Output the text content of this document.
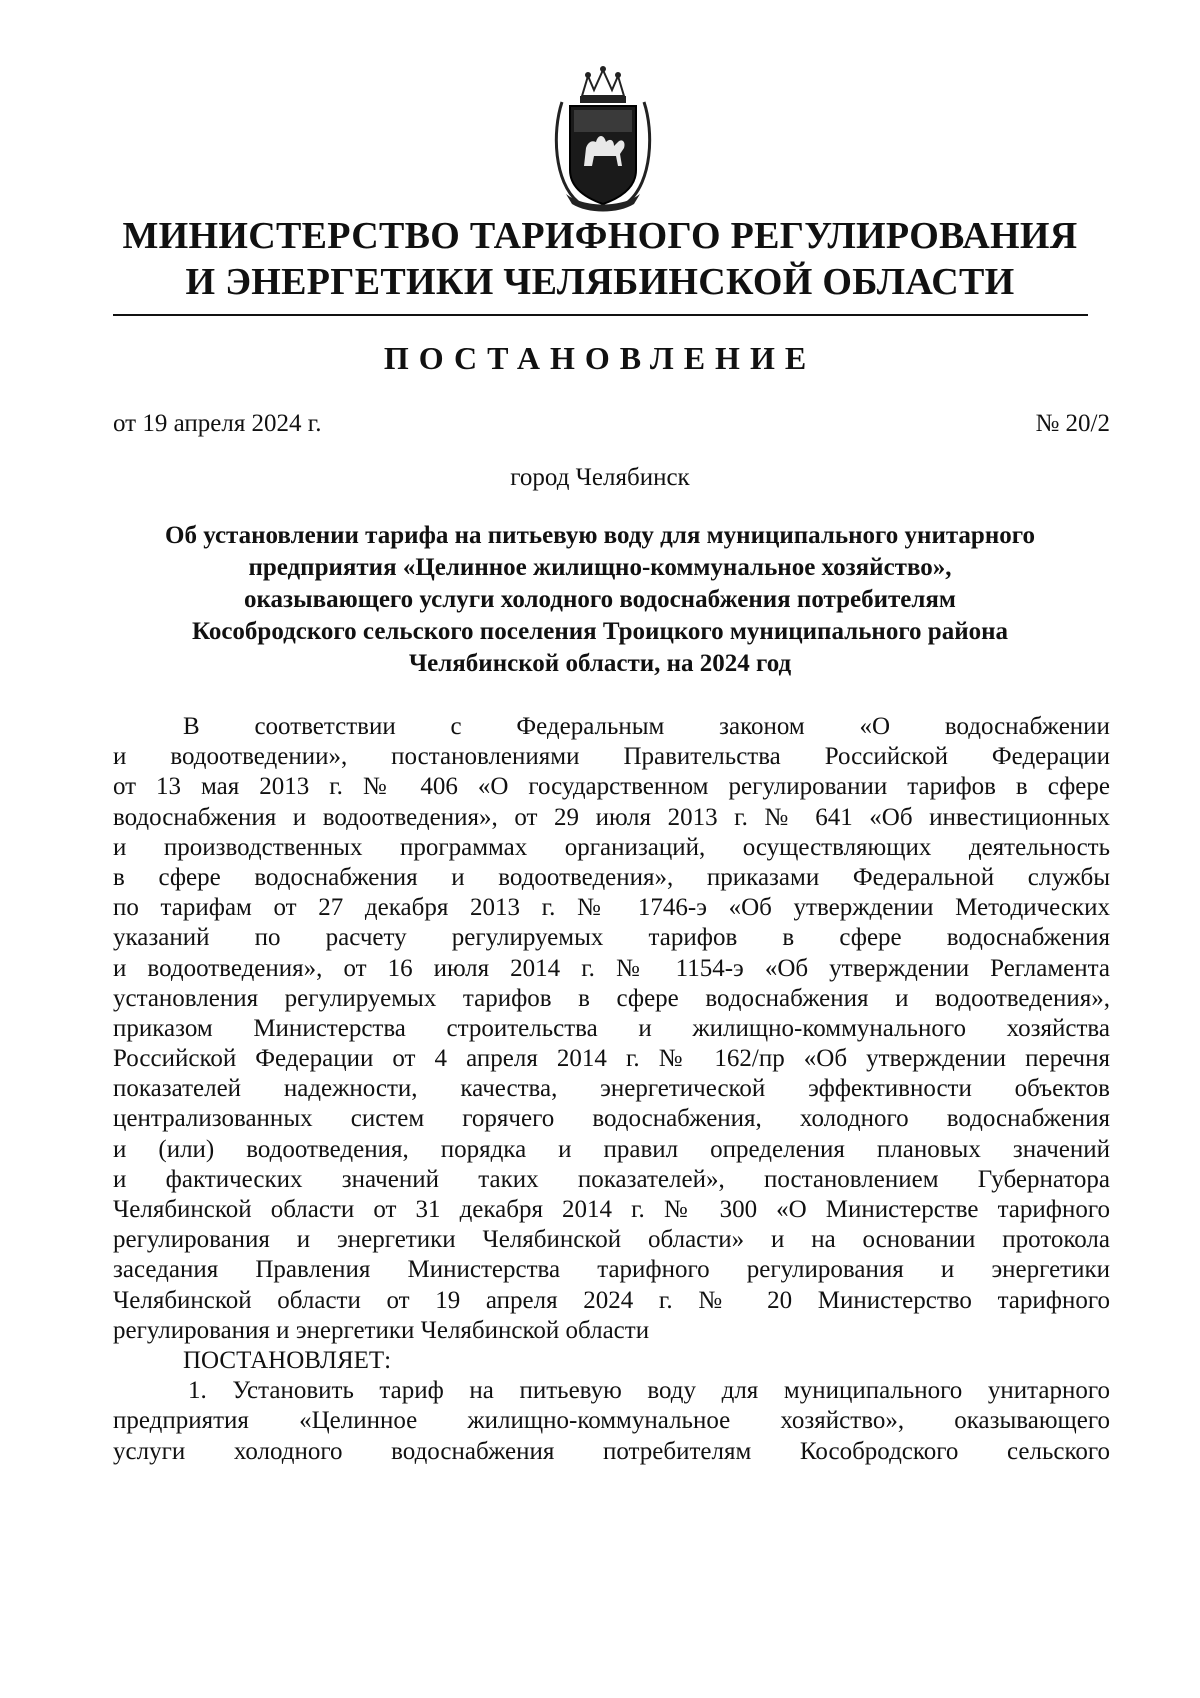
МИНИСТЕРСТВО ТАРИФНОГО РЕГУЛИРОВАНИЯ
И ЭНЕРГЕТИКИ ЧЕЛЯБИНСКОЙ ОБЛАСТИ
ПОСТАНОВЛЕНИЕ
от 19 апреля 2024 г.	№ 20/2
город Челябинск
Об установлении тарифа на питьевую воду для муниципального унитарного
предприятия «Целинное жилищно-коммунальное хозяйство»,
оказывающего услуги холодного водоснабжения потребителям
Кособродского сельского поселения Троицкого муниципального района
Челябинской области, на 2024 год
В соответствии с Федеральным законом «О водоснабжении
и водоотведении», постановлениями Правительства Российской Федерации
от 13 мая 2013 г. № 406 «О государственном регулировании тарифов в сфере
водоснабжения и водоотведения», от 29 июля 2013 г. № 641 «Об инвестиционных
и производственных программах организаций, осуществляющих деятельность
в сфере водоснабжения и водоотведения», приказами Федеральной службы
по тарифам от 27 декабря 2013 г. № 1746-э «Об утверждении Методических
указаний по расчету регулируемых тарифов в сфере водоснабжения
и водоотведения», от 16 июля 2014 г. № 1154-э «Об утверждении Регламента
установления регулируемых тарифов в сфере водоснабжения и водоотведения»,
приказом Министерства строительства и жилищно-коммунального хозяйства
Российской Федерации от 4 апреля 2014 г. № 162/пр «Об утверждении перечня
показателей надежности, качества, энергетической эффективности объектов
централизованных систем горячего водоснабжения, холодного водоснабжения
и (или) водоотведения, порядка и правил определения плановых значений
и фактических значений таких показателей», постановлением Губернатора
Челябинской области от 31 декабря 2014 г. № 300 «О Министерстве тарифного
регулирования и энергетики Челябинской области» и на основании протокола
заседания Правления Министерства тарифного регулирования и энергетики
Челябинской области от 19 апреля 2024 г. № 20 Министерство тарифного
регулирования и энергетики Челябинской области
ПОСТАНОВЛЯЕТ:
1. Установить тариф на питьевую воду для муниципального унитарного
предприятия «Целинное жилищно-коммунальное хозяйство», оказывающего
услуги холодного водоснабжения потребителям Кособродского сельского
